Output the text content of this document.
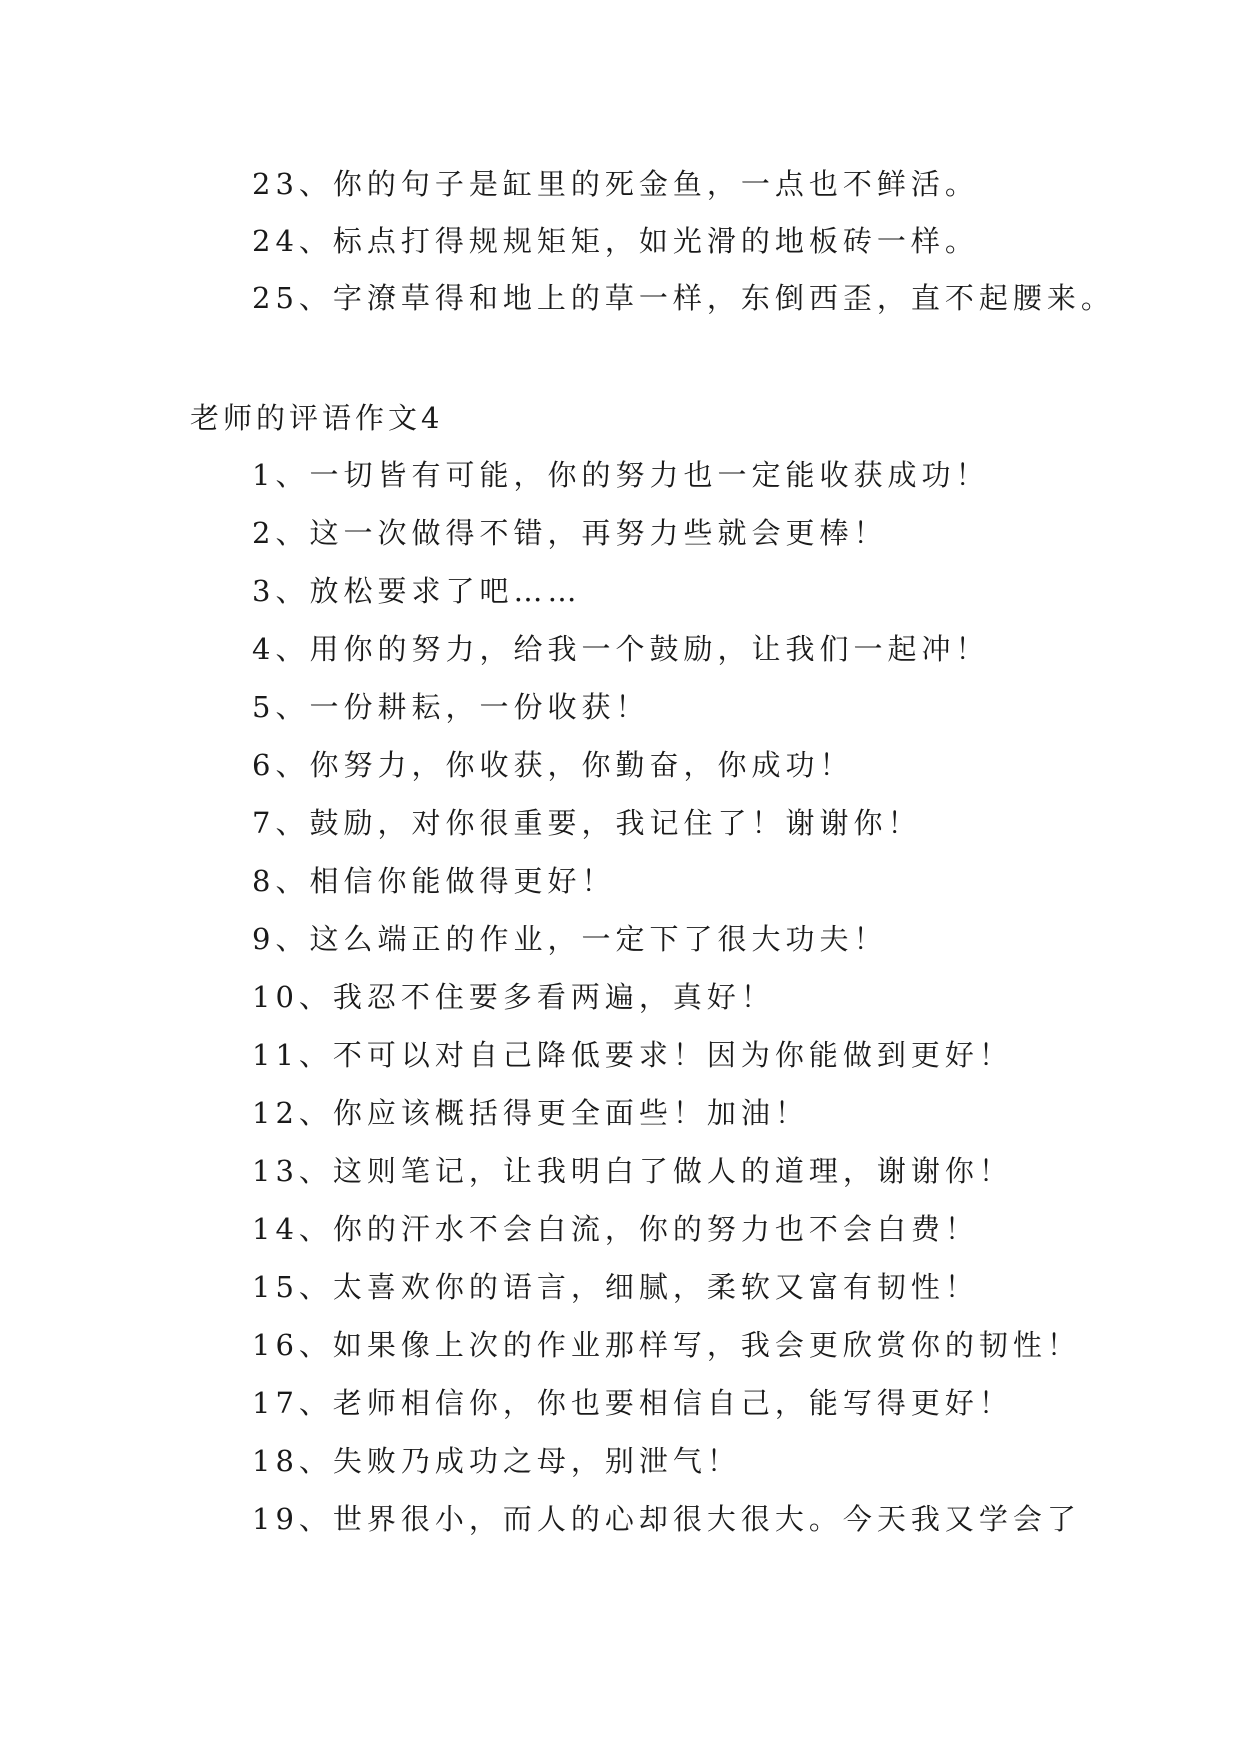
23、你的句子是缸里的死金鱼，一点也不鲜活。
24、标点打得规规矩矩，如光滑的地板砖一样。
25、字潦草得和地上的草一样，东倒西歪，直不起腰来。
老师的评语作文4
1、一切皆有可能，你的努力也一定能收获成功！
2、这一次做得不错，再努力些就会更棒！
3、放松要求了吧……
4、用你的努力，给我一个鼓励，让我们一起冲！
5、一份耕耘，一份收获！
6、你努力，你收获，你勤奋，你成功！
7、鼓励，对你很重要，我记住了！谢谢你！
8、相信你能做得更好！
9、这么端正的作业，一定下了很大功夫！
10、我忍不住要多看两遍，真好！
11、不可以对自己降低要求！因为你能做到更好！
12、你应该概括得更全面些！加油！
13、这则笔记，让我明白了做人的道理，谢谢你！
14、你的汗水不会白流，你的努力也不会白费！
15、太喜欢你的语言，细腻，柔软又富有韧性！
16、如果像上次的作业那样写，我会更欣赏你的韧性！
17、老师相信你，你也要相信自己，能写得更好！
18、失败乃成功之母，别泄气！
19、世界很小，而人的心却很大很大。今天我又学会了
